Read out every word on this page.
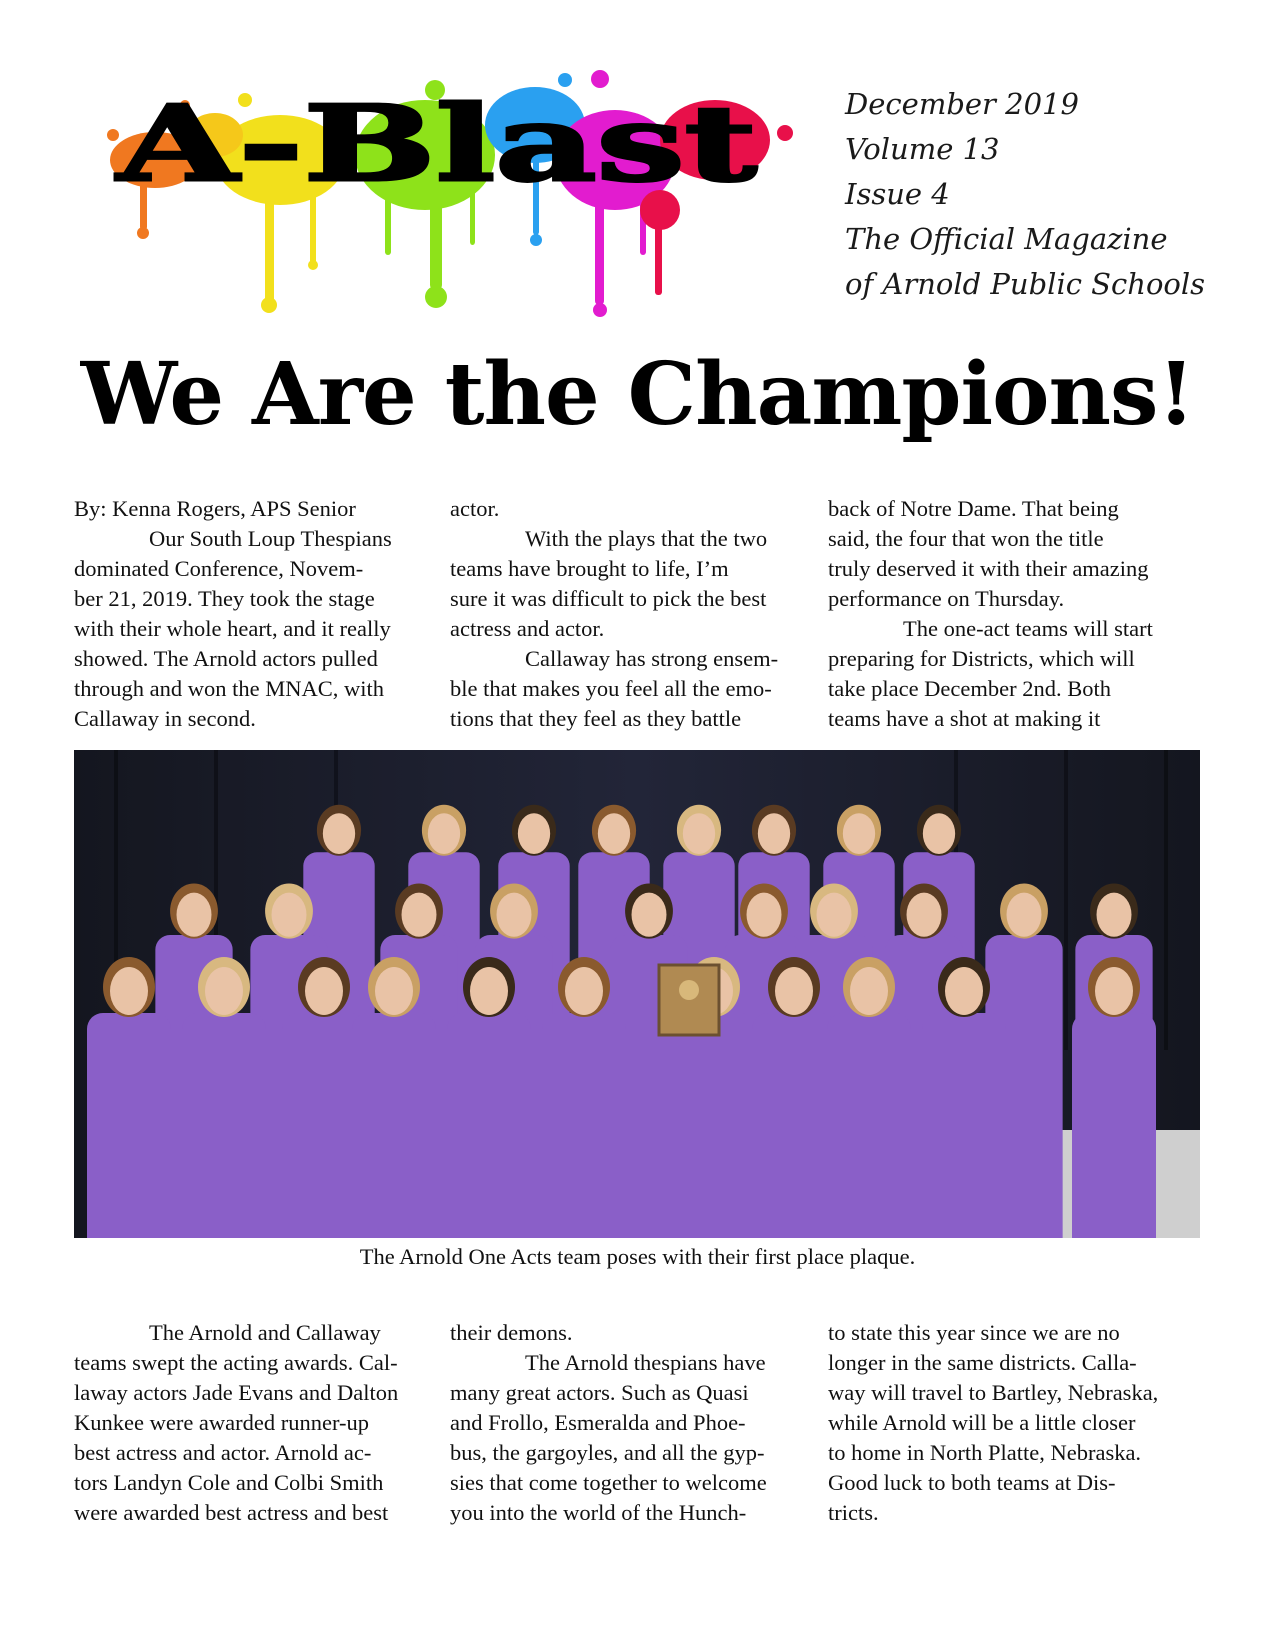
A-Blast	December 2019
Volume 13
Issue 4
The Official Magazine
of Arnold Public Schools
We Are the Champions!

By: Kenna Rogers, APS Senior

Our South Loup Thespians

dominated Conference, Novem-

ber 21, 2019. They took the stage

with their whole heart, and it really

showed. The Arnold actors pulled

through and won the MNAC, with

Callaway in second.

actor.

With the plays that the two

teams have brought to life, I’m

sure it was difficult to pick the best

actress and actor.

Callaway has strong ensem-

ble that makes you feel all the emo-

tions that they feel as they battle

back of Notre Dame. That being

said, the four that won the title

truly deserved it with their amazing

performance on Thursday.

The one-act teams will start

preparing for Districts, which will

take place December 2nd. Both

teams have a shot at making it

The Arnold One Acts team poses with their first place plaque.

The Arnold and Callaway

teams swept the acting awards. Cal-

laway actors Jade Evans and Dalton

Kunkee were awarded runner-up

best actress and actor. Arnold ac-

tors Landyn Cole and Colbi Smith

were awarded best actress and best

their demons.

The Arnold thespians have

many great actors. Such as Quasi

and Frollo, Esmeralda and Phoe-

bus, the gargoyles, and all the gyp-

sies that come together to welcome

you into the world of the Hunch-

to state this year since we are no

longer in the same districts. Calla-

way will travel to Bartley, Nebraska,

while Arnold will be a little closer

to home in North Platte, Nebraska.

Good luck to both teams at Dis-

tricts.
